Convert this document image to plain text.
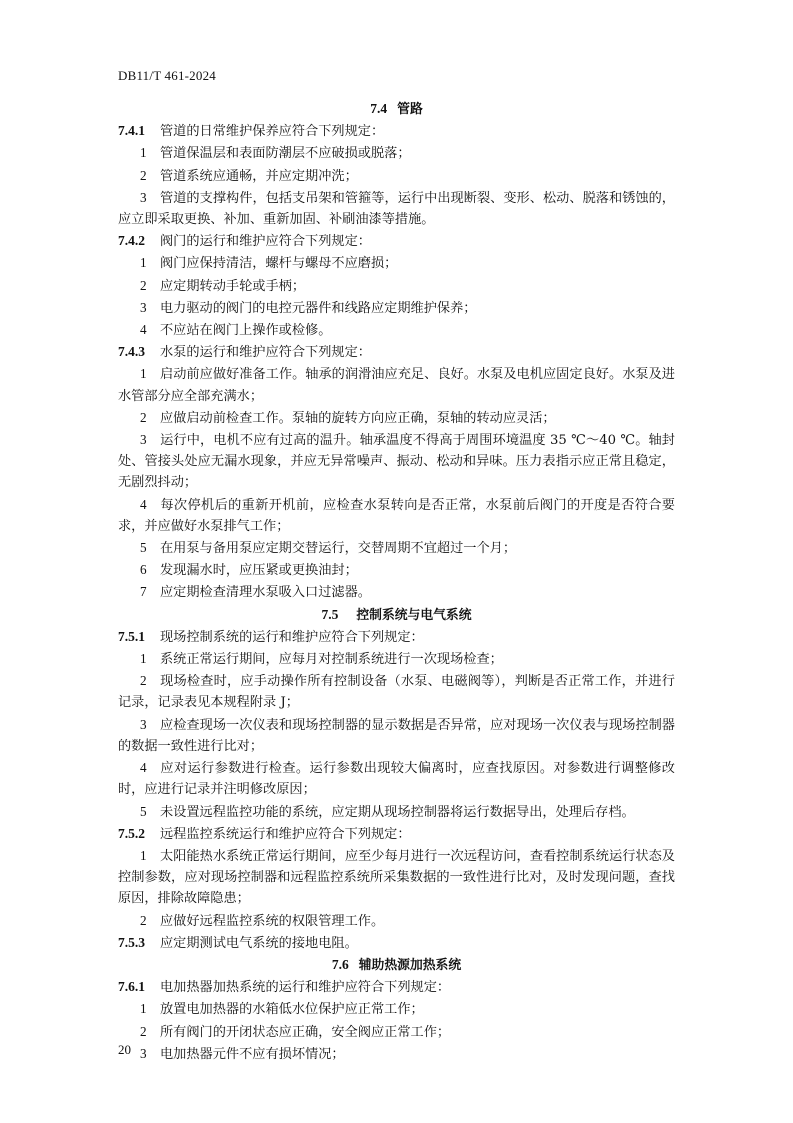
DB11/T 461-2024

7.4 管路

7.4.1 管道的日常维护保养应符合下列规定：

1 管道保温层和表面防潮层不应破损或脱落；

2 管道系统应通畅，并应定期冲洗；

3 管道的支撑构件，包括支吊架和管箍等，运行中出现断裂、变形、松动、脱落和锈蚀的，应立即采取更换、补加、重新加固、补刷油漆等措施。

7.4.2 阀门的运行和维护应符合下列规定：

1 阀门应保持清洁，螺杆与螺母不应磨损；

2 应定期转动手轮或手柄；

3 电力驱动的阀门的电控元器件和线路应定期维护保养；

4 不应站在阀门上操作或检修。

7.4.3 水泵的运行和维护应符合下列规定：

1 启动前应做好准备工作。轴承的润滑油应充足、良好。水泵及电机应固定良好。水泵及进水管部分应全部充满水；

2 应做启动前检查工作。泵轴的旋转方向应正确，泵轴的转动应灵活；

3 运行中，电机不应有过高的温升。轴承温度不得高于周围环境温度 35 ℃～40 ℃。轴封处、管接头处应无漏水现象，并应无异常噪声、振动、松动和异味。压力表指示应正常且稳定，无剧烈抖动；

4 每次停机后的重新开机前，应检查水泵转向是否正常，水泵前后阀门的开度是否符合要求，并应做好水泵排气工作；

5 在用泵与备用泵应定期交替运行，交替周期不宜超过一个月；

6 发现漏水时，应压紧或更换油封；

7 应定期检查清理水泵吸入口过滤器。

7.5 控制系统与电气系统

7.5.1 现场控制系统的运行和维护应符合下列规定：

1 系统正常运行期间，应每月对控制系统进行一次现场检查；

2 现场检查时，应手动操作所有控制设备（水泵、电磁阀等），判断是否正常工作，并进行记录，记录表见本规程附录 J；

3 应检查现场一次仪表和现场控制器的显示数据是否异常，应对现场一次仪表与现场控制器的数据一致性进行比对；

4 应对运行参数进行检查。运行参数出现较大偏离时，应查找原因。对参数进行调整修改时，应进行记录并注明修改原因；

5 未设置远程监控功能的系统，应定期从现场控制器将运行数据导出，处理后存档。

7.5.2 远程监控系统运行和维护应符合下列规定：

1 太阳能热水系统正常运行期间，应至少每月进行一次远程访问，查看控制系统运行状态及控制参数，应对现场控制器和远程监控系统所采集数据的一致性进行比对，及时发现问题，查找原因，排除故障隐患；

2 应做好远程监控系统的权限管理工作。

7.5.3 应定期测试电气系统的接地电阻。

7.6 辅助热源加热系统

7.6.1 电加热器加热系统的运行和维护应符合下列规定：

1 放置电加热器的水箱低水位保护应正常工作；

2 所有阀门的开闭状态应正确，安全阀应正常工作；

3 电加热器元件不应有损坏情况；

20
